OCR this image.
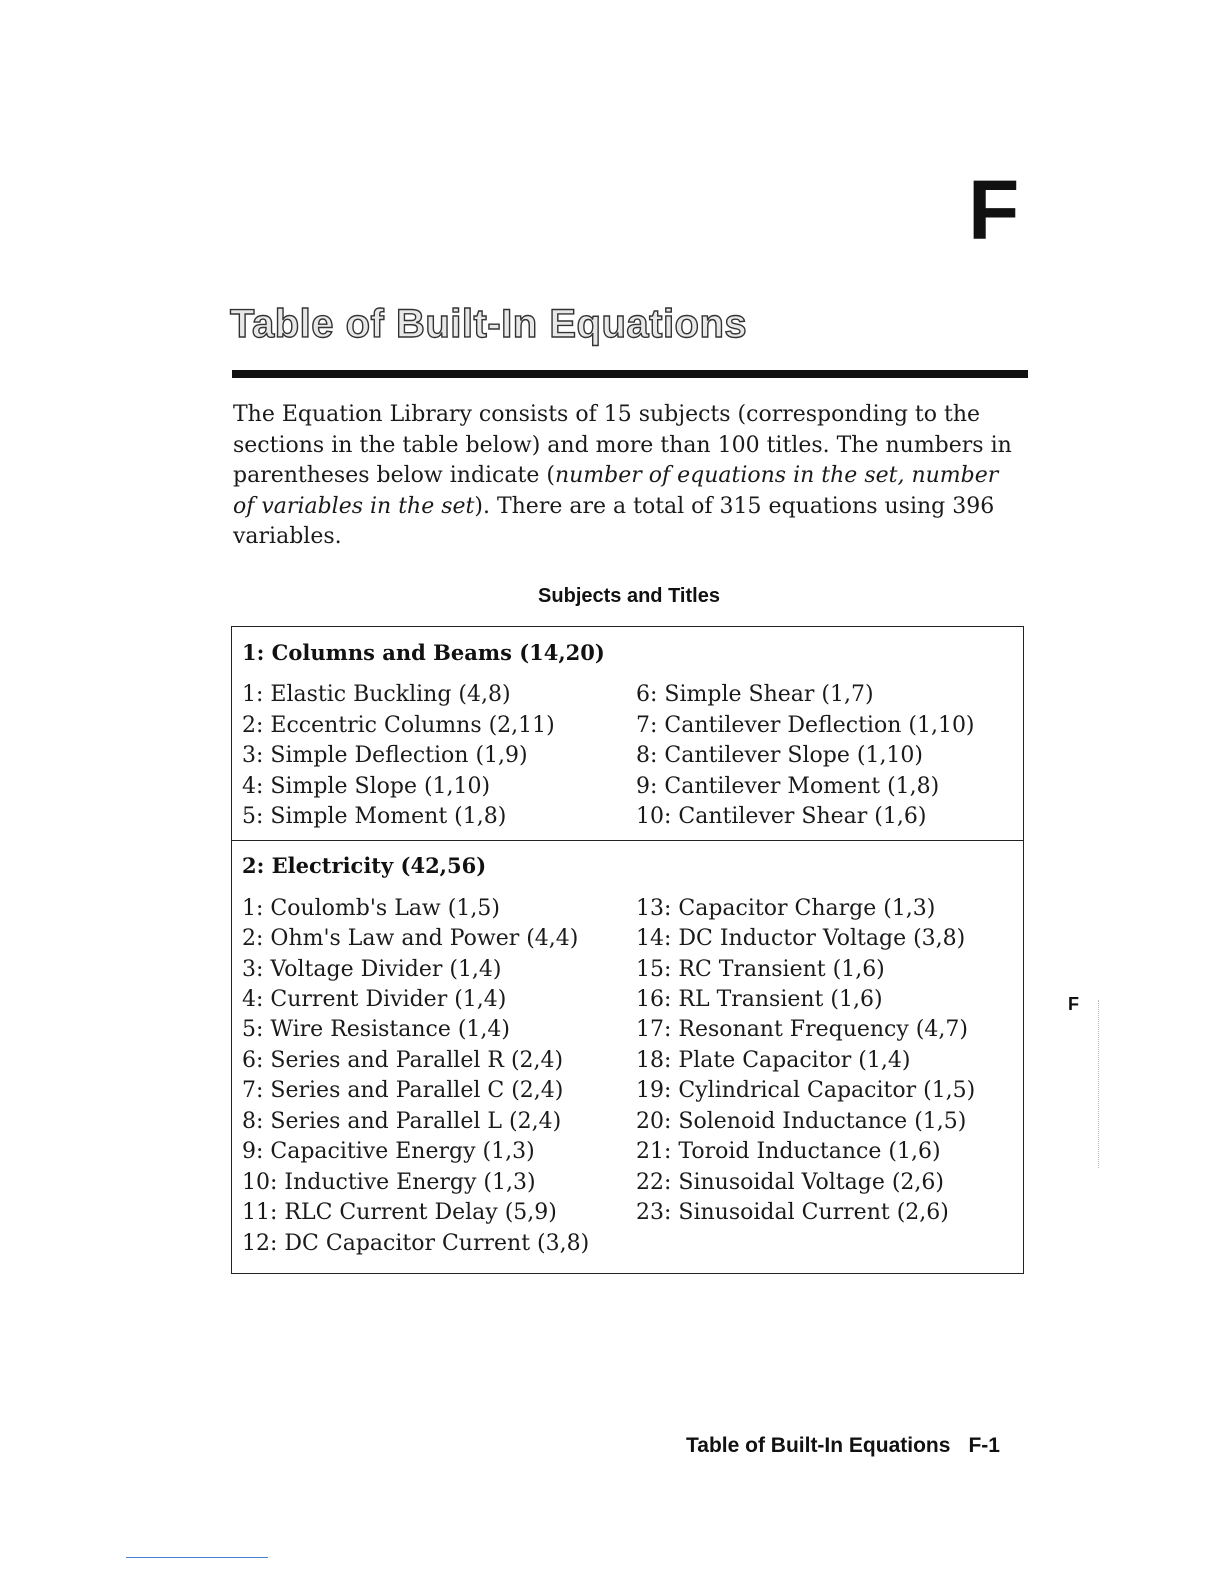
F
Table of Built-In Equations

The Equation Library consists of 15 subjects (corresponding to the sections in the table below) and more than 100 titles. The numbers in parentheses below indicate (number of equations in the set, number of variables in the set). There are a total of 315 equations using 396 variables.

Subjects and Titles
1: Columns and Beams (14,20)
1: Elastic Buckling (4,8)
2: Eccentric Columns (2,11)
3: Simple Deflection (1,9)
4: Simple Slope (1,10)
5: Simple Moment (1,8)
6: Simple Shear (1,7)
7: Cantilever Deflection (1,10)
8: Cantilever Slope (1,10)
9: Cantilever Moment (1,8)
10: Cantilever Shear (1,6)
2: Electricity (42,56)
1: Coulomb's Law (1,5)
2: Ohm's Law and Power (4,4)
3: Voltage Divider (1,4)
4: Current Divider (1,4)
5: Wire Resistance (1,4)
6: Series and Parallel R (2,4)
7: Series and Parallel C (2,4)
8: Series and Parallel L (2,4)
9: Capacitive Energy (1,3)
10: Inductive Energy (1,3)
11: RLC Current Delay (5,9)
12: DC Capacitor Current (3,8)
13: Capacitor Charge (1,3)
14: DC Inductor Voltage (3,8)
15: RC Transient (1,6)
16: RL Transient (1,6)
17: Resonant Frequency (4,7)
18: Plate Capacitor (1,4)
19: Cylindrical Capacitor (1,5)
20: Solenoid Inductance (1,5)
21: Toroid Inductance (1,6)
22: Sinusoidal Voltage (2,6)
23: Sinusoidal Current (2,6)
F
Table of Built-In Equations F-1
